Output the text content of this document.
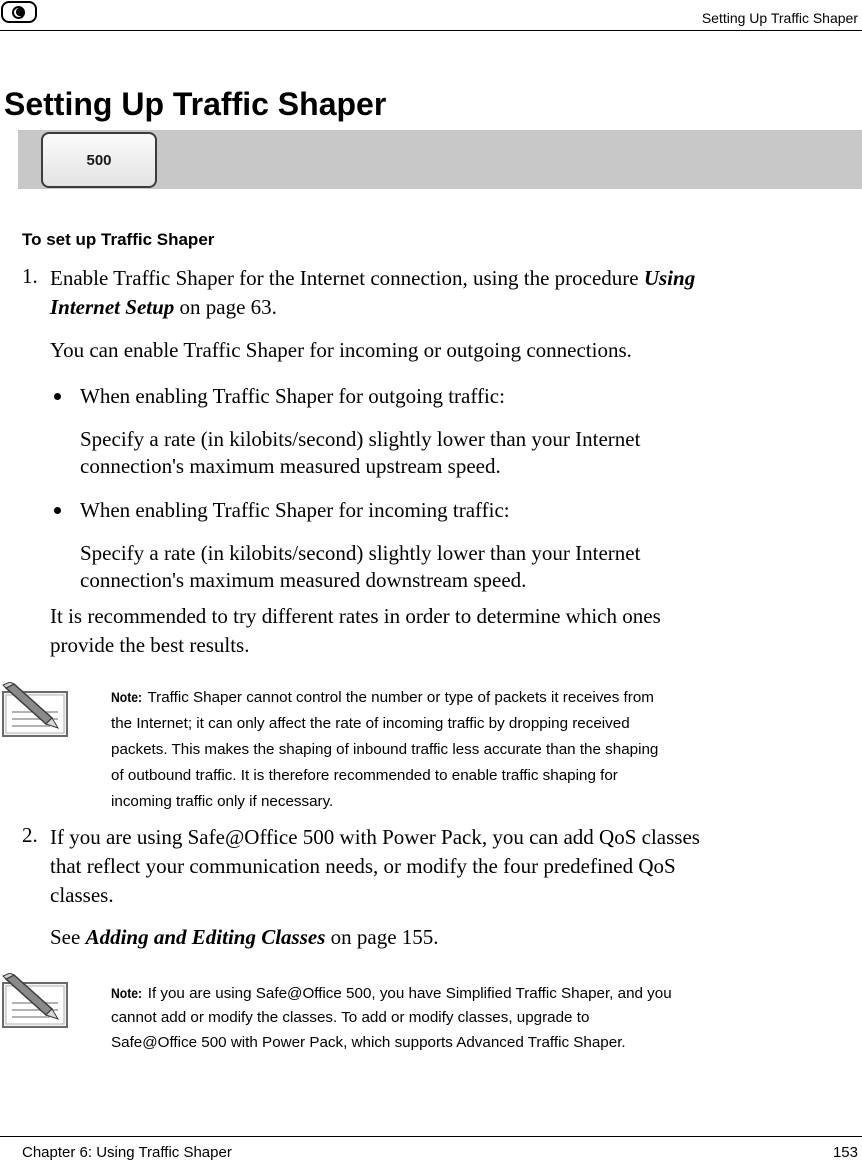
Setting Up Traffic Shaper
Setting Up Traffic Shaper
500
To set up Traffic Shaper
1. Enable Traffic Shaper for the Internet connection, using the procedure Using

Internet Setup on page 63.

You can enable Traffic Shaper for incoming or outgoing connections.

When enabling Traffic Shaper for outgoing traffic:

Specify a rate (in kilobits/second) slightly lower than your Internet

connection's maximum measured upstream speed.

When enabling Traffic Shaper for incoming traffic:

Specify a rate (in kilobits/second) slightly lower than your Internet

connection's maximum measured downstream speed.

It is recommended to try different rates in order to determine which ones

provide the best results.

Note: Traffic Shaper cannot control the number or type of packets it receives from

the Internet; it can only affect the rate of incoming traffic by dropping received

packets. This makes the shaping of inbound traffic less accurate than the shaping

of outbound traffic. It is therefore recommended to enable traffic shaping for

incoming traffic only if necessary.

2. If you are using Safe@Office 500 with Power Pack, you can add QoS classes

that reflect your communication needs, or modify the four predefined QoS

classes.

See Adding and Editing Classes on page 155.

Note: If you are using Safe@Office 500, you have Simplified Traffic Shaper, and you

cannot add or modify the classes. To add or modify classes, upgrade to

Safe@Office 500 with Power Pack, which supports Advanced Traffic Shaper.

Chapter 6: Using Traffic Shaper	153
